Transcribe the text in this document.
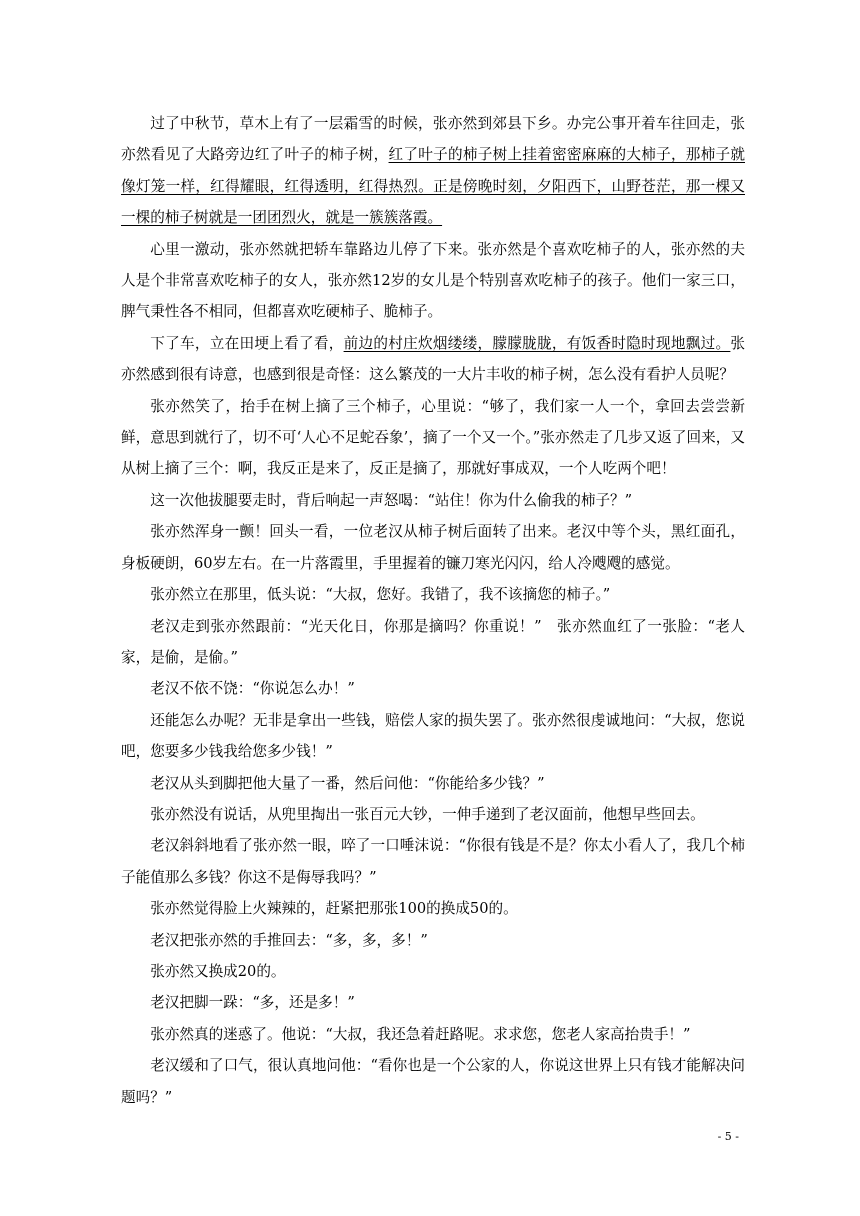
过了中秋节，草木上有了一层霜雪的时候，张亦然到郊县下乡。办完公事开着车往回走，张亦然看见了大路旁边红了叶子的柿子树，红了叶子的柿子树上挂着密密麻麻的大柿子，那柿子就像灯笼一样，红得耀眼，红得透明，红得热烈。正是傍晚时刻，夕阳西下，山野苍茫，那一棵又一棵的柿子树就是一团团烈火，就是一簇簇落霞。

心里一激动，张亦然就把轿车靠路边儿停了下来。张亦然是个喜欢吃柿子的人，张亦然的夫人是个非常喜欢吃柿子的女人，张亦然12岁的女儿是个特别喜欢吃柿子的孩子。他们一家三口，脾气秉性各不相同，但都喜欢吃硬柿子、脆柿子。

下了车，立在田埂上看了看，前边的村庄炊烟缕缕，朦朦胧胧，有饭香时隐时现地飘过。张亦然感到很有诗意，也感到很是奇怪：这么繁茂的一大片丰收的柿子树，怎么没有看护人员呢？

张亦然笑了，抬手在树上摘了三个柿子，心里说：“够了，我们家一人一个，拿回去尝尝新鲜，意思到就行了，切不可‘人心不足蛇吞象’，摘了一个又一个。”张亦然走了几步又返了回来，又从树上摘了三个：啊，我反正是来了，反正是摘了，那就好事成双，一个人吃两个吧！

这一次他拔腿要走时，背后响起一声怒喝：“站住！你为什么偷我的柿子？”

张亦然浑身一颤！回头一看，一位老汉从柿子树后面转了出来。老汉中等个头，黑红面孔，身板硬朗，60岁左右。在一片落霞里，手里握着的镰刀寒光闪闪，给人冷飕飕的感觉。

张亦然立在那里，低头说：“大叔，您好。我错了，我不该摘您的柿子。”

老汉走到张亦然跟前：“光天化日，你那是摘吗？你重说！”　张亦然血红了一张脸：“老人家，是偷，是偷。”

老汉不依不饶：“你说怎么办！”

还能怎么办呢？无非是拿出一些钱，赔偿人家的损失罢了。张亦然很虔诚地问：“大叔，您说吧，您要多少钱我给您多少钱！”

老汉从头到脚把他大量了一番，然后问他：“你能给多少钱？”

张亦然没有说话，从兜里掏出一张百元大钞，一伸手递到了老汉面前，他想早些回去。

老汉斜斜地看了张亦然一眼，啐了一口唾沫说：“你很有钱是不是？你太小看人了，我几个柿子能值那么多钱？你这不是侮辱我吗？”

张亦然觉得脸上火辣辣的，赶紧把那张100的换成50的。

老汉把张亦然的手推回去：“多，多，多！”

张亦然又换成20的。

老汉把脚一跺：“多，还是多！”

张亦然真的迷惑了。他说：“大叔，我还急着赶路呢。求求您，您老人家高抬贵手！”

老汉缓和了口气，很认真地问他：“看你也是一个公家的人，你说这世界上只有钱才能解决问题吗？”

- 5 -
